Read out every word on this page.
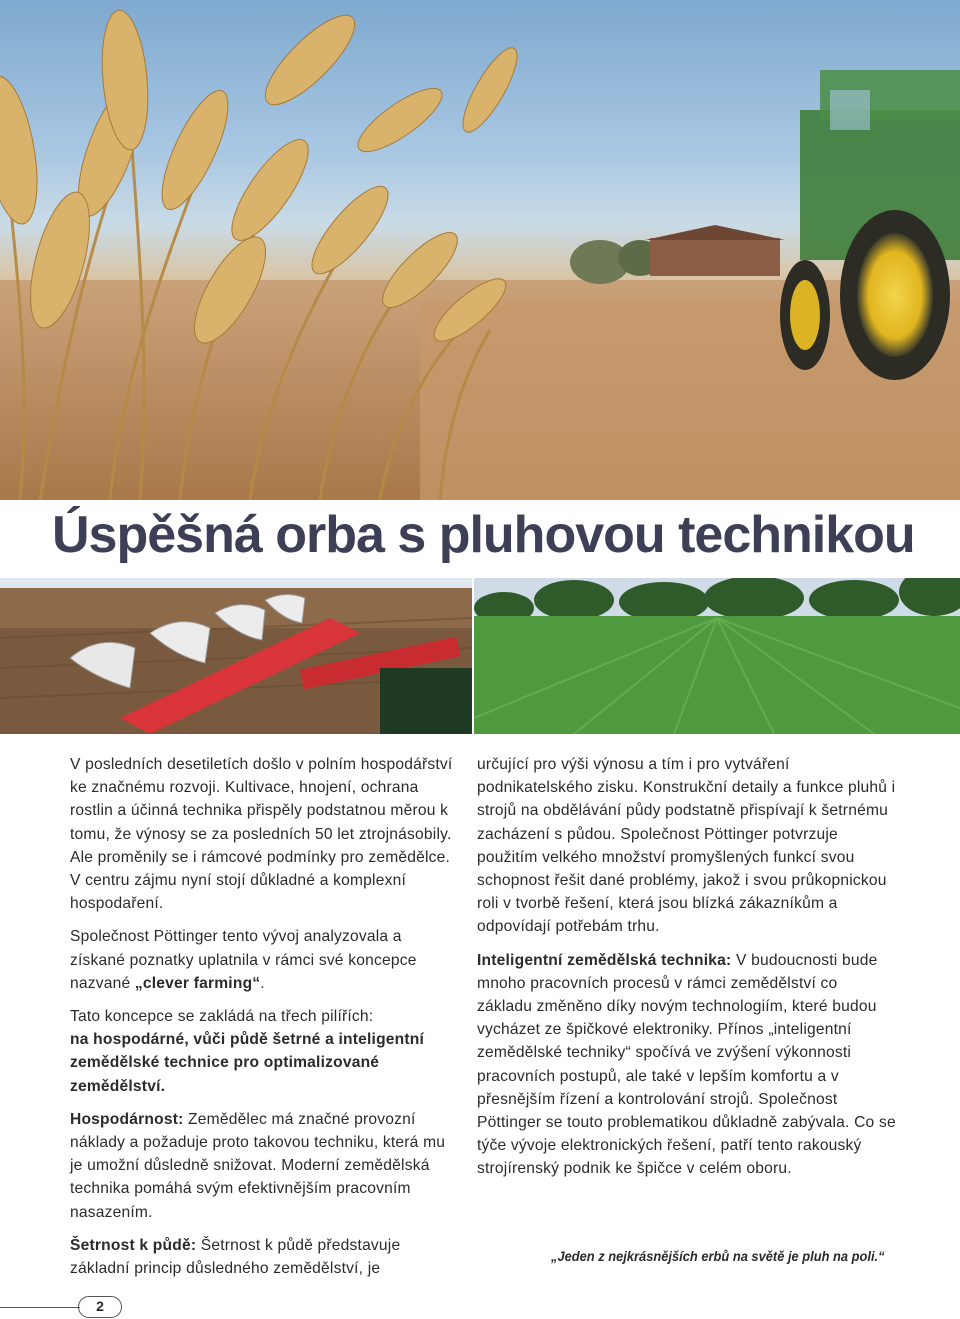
Úspěšná orba s pluhovou technikou

V posledních desetiletích došlo v polním hospodářství ke značnému rozvoji. Kultivace, hnojení, ochrana rostlin a účinná technika přispěly podstatnou měrou k tomu, že výnosy se za posledních 50 let ztrojnásobily. Ale proměnily se i rámcové podmínky pro zemědělce. V centru zájmu nyní stojí důkladné a komplexní hospodaření.

Společnost Pöttinger tento vývoj analyzovala a získané poznatky uplatnila v rámci své koncepce nazvané „clever farming“.

Tato koncepce se zakládá na třech pilířích:
na hospodárné, vůči půdě šetrné a inteligentní zemědělské technice pro optimalizované zemědělství.

Hospodárnost: Zemědělec má značné provozní náklady a požaduje proto takovou techniku, která mu je umožní důsledně snižovat. Moderní zemědělská technika pomáhá svým efektivnějším pracovním nasazením.

Šetrnost k půdě: Šetrnost k půdě představuje základní princip důsledného zemědělství, je

určující pro výši výnosu a tím i pro vytváření podnikatelského zisku. Konstrukční detaily a funkce pluhů i strojů na obdělávání půdy podstatně přispívají k šetrnému zacházení s půdou. Společnost Pöttinger potvrzuje použitím velkého množství promyšlených funkcí svou schopnost řešit dané problémy, jakož i svou průkopnickou roli v tvorbě řešení, která jsou blízká zákazníkům a odpovídají potřebám trhu.

Inteligentní zemědělská technika: V budoucnosti bude mnoho pracovních procesů v rámci zemědělství co základu změněno díky novým technologiím, které budou vycházet ze špičkové elektroniky. Přínos „inteligentní zemědělské techniky“ spočívá ve zvýšení výkonnosti pracovních postupů, ale také v lepším komfortu a v přesnějším řízení a kontrolování strojů. Společnost Pöttinger se touto problematikou důkladně zabývala. Co se týče vývoje elektronických řešení, patří tento rakouský strojírenský podnik ke špičce v celém oboru.

„Jeden z nejkrásnějších erbů na světě je pluh na poli.“
2
